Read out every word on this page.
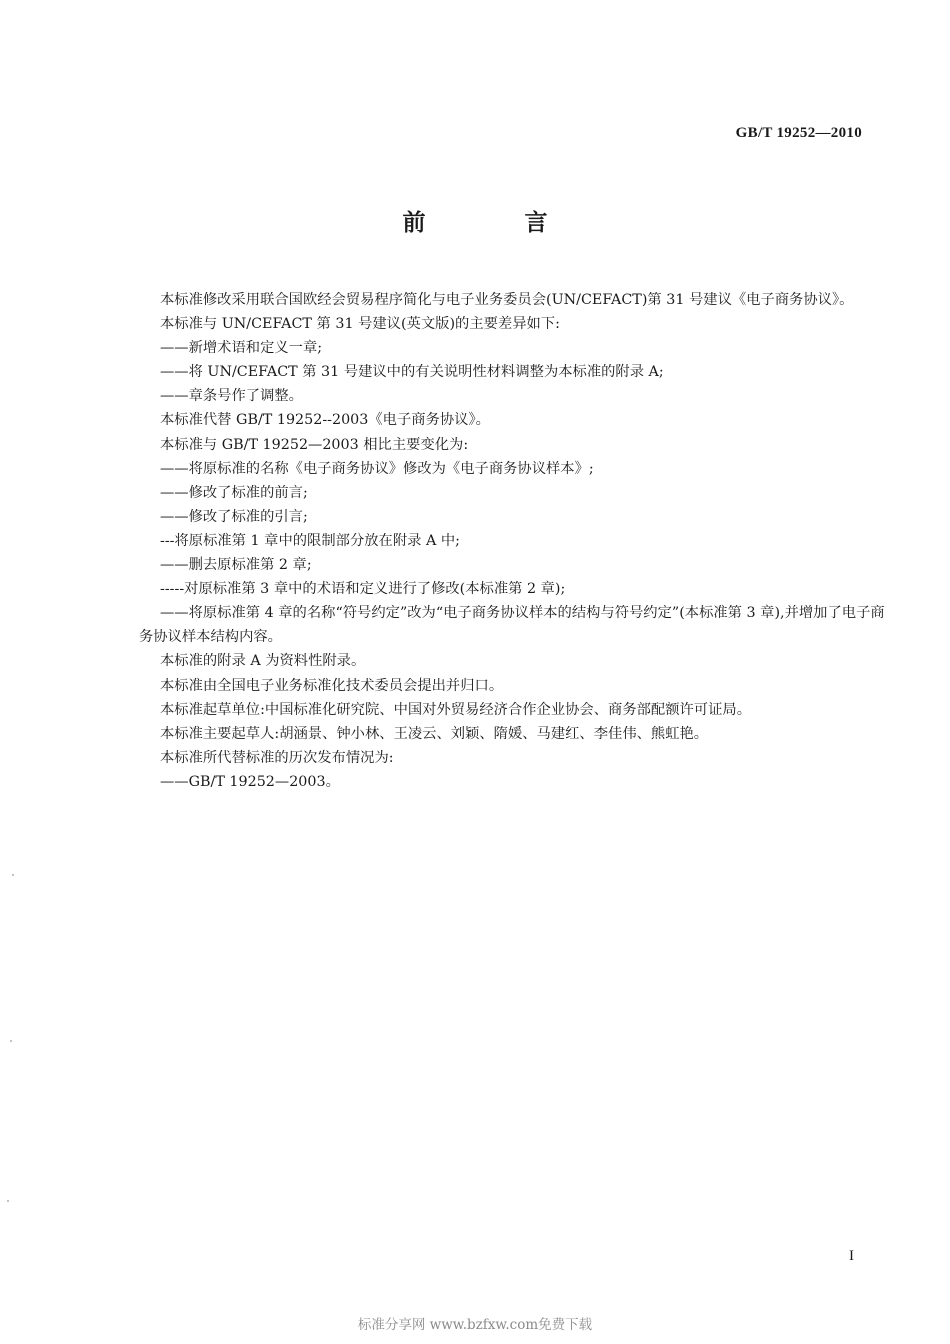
GB/T 19252—2010
前　言

本标准修改采用联合国欧经会贸易程序简化与电子业务委员会(UN/CEFACT)第 31 号建议《电子商务协议》。

本标准与 UN/CEFACT 第 31 号建议(英文版)的主要差异如下:

——新增术语和定义一章;

——将 UN/CEFACT 第 31 号建议中的有关说明性材料调整为本标准的附录 A;

——章条号作了调整。

本标准代替 GB/T 19252--2003《电子商务协议》。

本标准与 GB/T 19252—2003 相比主要变化为:

——将原标准的名称《电子商务协议》修改为《电子商务协议样本》;

——修改了标准的前言;

——修改了标准的引言;

---将原标准第 1 章中的限制部分放在附录 A 中;

——删去原标准第 2 章;

-----对原标准第 3 章中的术语和定义进行了修改(本标准第 2 章);

——将原标准第 4 章的名称“符号约定”改为“电子商务协议样本的结构与符号约定”(本标准第 3 章),并增加了电子商务协议样本结构内容。

本标准的附录 A 为资料性附录。

本标准由全国电子业务标准化技术委员会提出并归口。

本标准起草单位:中国标准化研究院、中国对外贸易经济合作企业协会、商务部配额许可证局。

本标准主要起草人:胡涵景、钟小林、王凌云、刘颖、隋媛、马建红、李佳伟、熊虹艳。

本标准所代替标准的历次发布情况为:

——GB/T 19252—2003。

I
标准分享网 www.bzfxw.com免费下载
